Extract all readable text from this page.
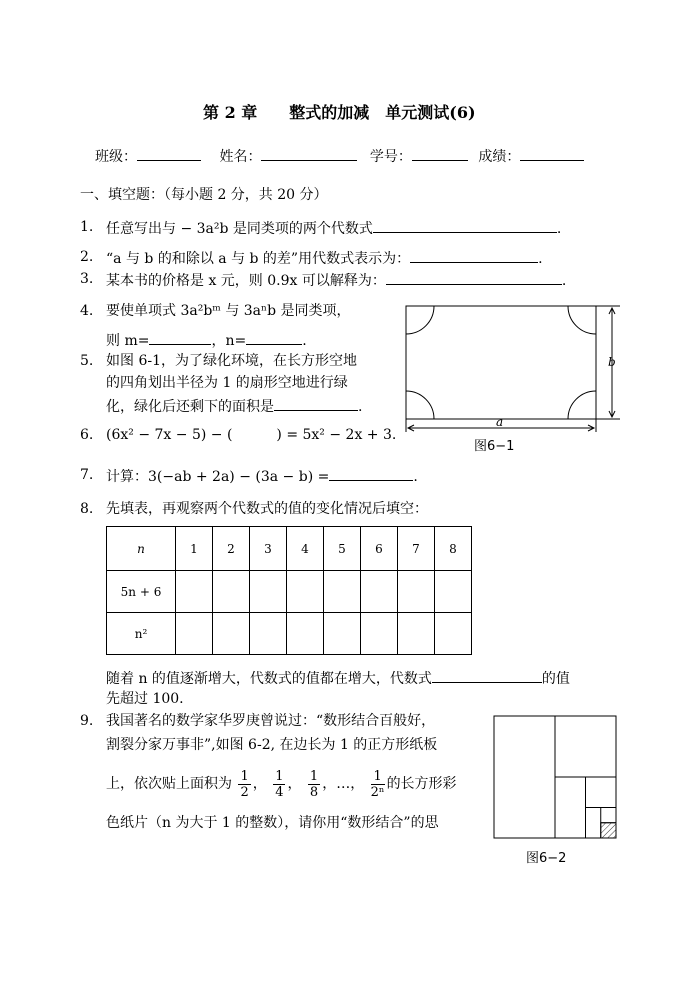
第 2 章　　整式的加减　单元测试(6)
班级：	姓名：	学号：	成绩：
一、填空题：（每小题 2 分，共 20 分）
1. 任意写出与 − 3a²b 是同类项的两个代数式	.
2. “a 与 b 的和除以 a 与 b 的差”用代数式表示为：	.
3. 某本书的价格是 x 元，则 0.9x 可以解释为：	.
4. 要使单项式 3a²bᵐ 与 3aⁿb 是同类项，
则 m=	，n=	.
5. 如图 6-1，为了绿化环境，在长方形空地
的四角划出半径为 1 的扇形空地进行绿
化，绿化后还剩下的面积是	.
b
a
图6−1
6. (6x² − 7x − 5) − (	) = 5x² − 2x + 3.
7. 计算：3(−ab + 2a) − (3a − b) =	.
8. 先填表，再观察两个代数式的值的变化情况后填空：
n	1	2	3	4	5	6	7	8
5n + 6								
n²								
随着 n 的值逐渐增大，代数式的值都在增大，代数式	的值
先超过 100.
9. 我国著名的数学家华罗庚曾说过：“数形结合百般好，
割裂分家万事非”,如图 6-2, 在边长为 1 的正方形纸板
上，依次贴上面积为 $\frac{1}{2}$ ， $\frac{1}{4}$ ， $\frac{1}{8}$ ，…， $\frac{1}{\text{2ⁿ}}$ 的长方形彩
色纸片（n 为大于 1 的整数），请你用“数形结合”的思
图6−2
